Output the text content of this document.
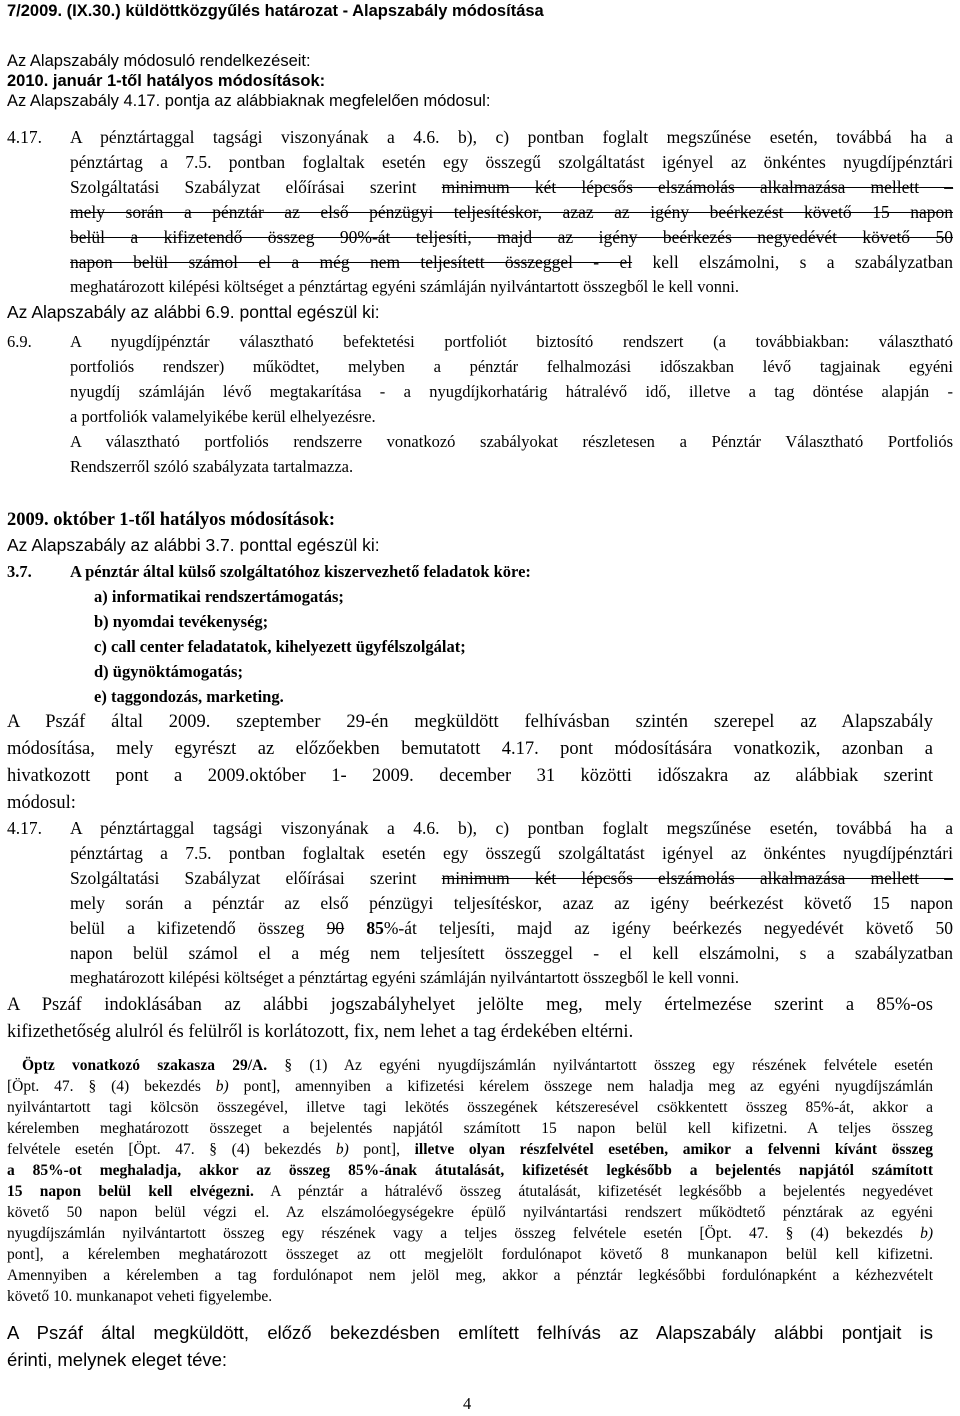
7/2009. (IX.30.) küldöttközgyűlés határozat - Alapszabály módosítása
Az Alapszabály módosuló rendelkezéseit:
2010. január 1-től hatályos módosítások:
Az Alapszabály 4.17. pontja az alábbiaknak megfelelően módosul:
4.17. A pénztártaggal tagsági viszonyának a 4.6. b), c) pontban foglalt megszűnése esetén, továbbá ha a
pénztártag a 7.5. pontban foglaltak esetén egy összegű szolgáltatást igényel az önkéntes nyugdíjpénztári
Szolgáltatási Szabályzat előírásai szerint minimum két lépcsős elszámolás alkalmazása mellett –
mely során a pénztár az első pénzügyi teljesítéskor, azaz az igény beérkezést követő 15 napon
belül a kifizetendő összeg 90%-át teljesíti, majd az igény beérkezés negyedévét követő 50
napon belül számol el a még nem teljesített összeggel - el kell elszámolni, s a szabályzatban
meghatározott kilépési költséget a pénztártag egyéni számláján nyilvántartott összegből le kell vonni.
Az Alapszabály az alábbi 6.9. ponttal egészül ki:
6.9. A nyugdíjpénztár választható befektetési portfoliót biztosító rendszert (a továbbiakban: választható
portfoliós rendszer) működtet, melyben a pénztár felhalmozási időszakban lévő tagjainak egyéni
nyugdíj számláján lévő megtakarítása - a nyugdíjkorhatárig hátralévő idő, illetve a tag döntése alapján -
a portfoliók valamelyikébe kerül elhelyezésre.
A választható portfoliós rendszerre vonatkozó szabályokat részletesen a Pénztár Választható Portfoliós
Rendszerről szóló szabályzata tartalmazza.
2009. október 1-től hatályos módosítások:
Az Alapszabály az alábbi 3.7. ponttal egészül ki:
3.7. A pénztár által külső szolgáltatóhoz kiszervezhető feladatok köre:
a) informatikai rendszertámogatás;
b) nyomdai tevékenység;
c) call center feladatatok, kihelyezett ügyfélszolgálat;
d) ügynöktámogatás;
e) taggondozás, marketing.
A Pszáf által 2009. szeptember 29-én megküldött felhívásban szintén szerepel az Alapszabály
módosítása, mely egyrészt az előzőekben bemutatott 4.17. pont módosítására vonatkozik, azonban a
hivatkozott pont a 2009.október 1- 2009. december 31 közötti időszakra az alábbiak szerint
módosul:
4.17. A pénztártaggal tagsági viszonyának a 4.6. b), c) pontban foglalt megszűnése esetén, továbbá ha a
pénztártag a 7.5. pontban foglaltak esetén egy összegű szolgáltatást igényel az önkéntes nyugdíjpénztári
Szolgáltatási Szabályzat előírásai szerint minimum két lépcsős elszámolás alkalmazása mellett –
mely során a pénztár az első pénzügyi teljesítéskor, azaz az igény beérkezést követő 15 napon
belül a kifizetendő összeg 90 85%-át teljesíti, majd az igény beérkezés negyedévét követő 50
napon belül számol el a még nem teljesített összeggel - el kell elszámolni, s a szabályzatban
meghatározott kilépési költséget a pénztártag egyéni számláján nyilvántartott összegből le kell vonni.
A Pszáf indoklásában az alábbi jogszabályhelyet jelölte meg, mely értelmezése szerint a 85%-os
kifizethetőség alulról és felülről is korlátozott, fix, nem lehet a tag érdekében eltérni.
Öptz vonatkozó szakasza 29/A. § (1) Az egyéni nyugdíjszámlán nyilvántartott összeg egy részének felvétele esetén
[Öpt. 47. § (4) bekezdés b) pont], amennyiben a kifizetési kérelem összege nem haladja meg az egyéni nyugdíjszámlán
nyilvántartott tagi kölcsön összegével, illetve tagi lekötés összegének kétszeresével csökkentett összeg 85%-át, akkor a
kérelemben meghatározott összeget a bejelentés napjától számított 15 napon belül kell kifizetni. A teljes összeg
felvétele esetén [Öpt. 47. § (4) bekezdés b) pont], illetve olyan részfelvétel esetében, amikor a felvenni kívánt összeg
a 85%-ot meghaladja, akkor az összeg 85%-ának átutalását, kifizetését legkésőbb a bejelentés napjától számított
15 napon belül kell elvégezni. A pénztár a hátralévő összeg átutalását, kifizetését legkésőbb a bejelentés negyedévet
követő 50 napon belül végzi el. Az elszámolóegységekre épülő nyilvántartási rendszert működtető pénztárak az egyéni
nyugdíjszámlán nyilvántartott összeg egy részének vagy a teljes összeg felvétele esetén [Öpt. 47. § (4) bekezdés b)
pont], a kérelemben meghatározott összeget az ott megjelölt fordulónapot követő 8 munkanapon belül kell kifizetni.
Amennyiben a kérelemben a tag fordulónapot nem jelöl meg, akkor a pénztár legkésőbbi fordulónapként a kézhezvételt
követő 10. munkanapot veheti figyelembe.
A Pszáf által megküldött, előző bekezdésben említett felhívás az Alapszabály alábbi pontjait is
érinti, melynek eleget téve:
4
